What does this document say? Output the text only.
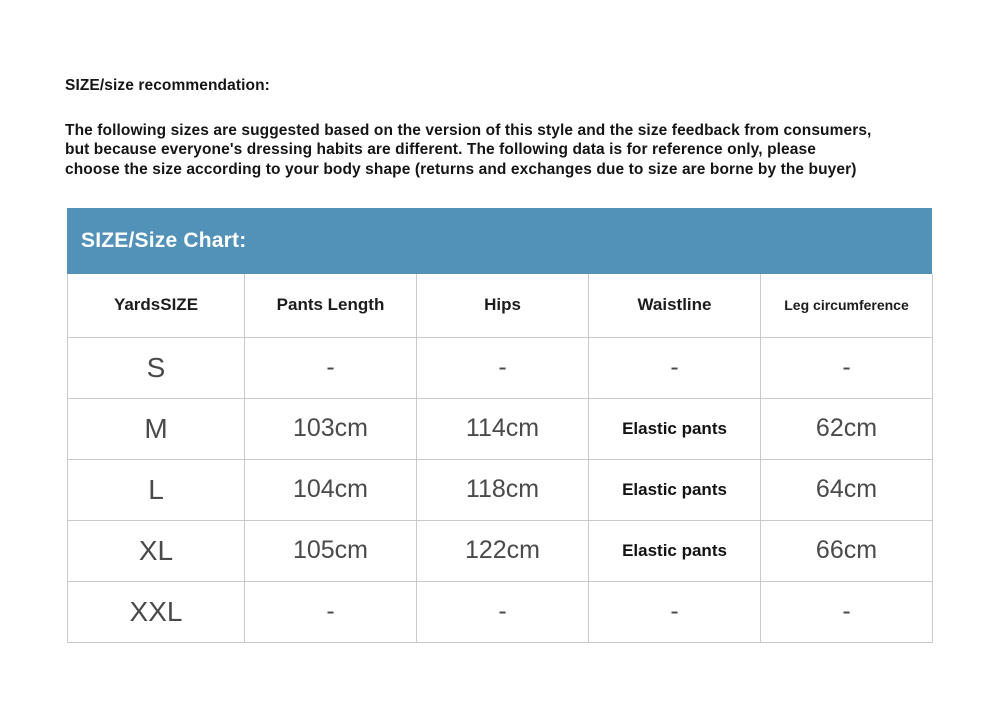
SIZE/size recommendation:
The following sizes are suggested based on the version of this style and the size feedback from consumers,
but because everyone's dressing habits are different. The following data is for reference only, please
choose the size according to your body shape (returns and exchanges due to size are borne by the buyer)
SIZE/Size Chart:
YardsSIZE	Pants Length	Hips	Waistline	Leg circumference
S	-	-	-	-
M	103cm	114cm	Elastic pants	62cm
L	104cm	118cm	Elastic pants	64cm
XL	105cm	122cm	Elastic pants	66cm
XXL	-	-	-	-
